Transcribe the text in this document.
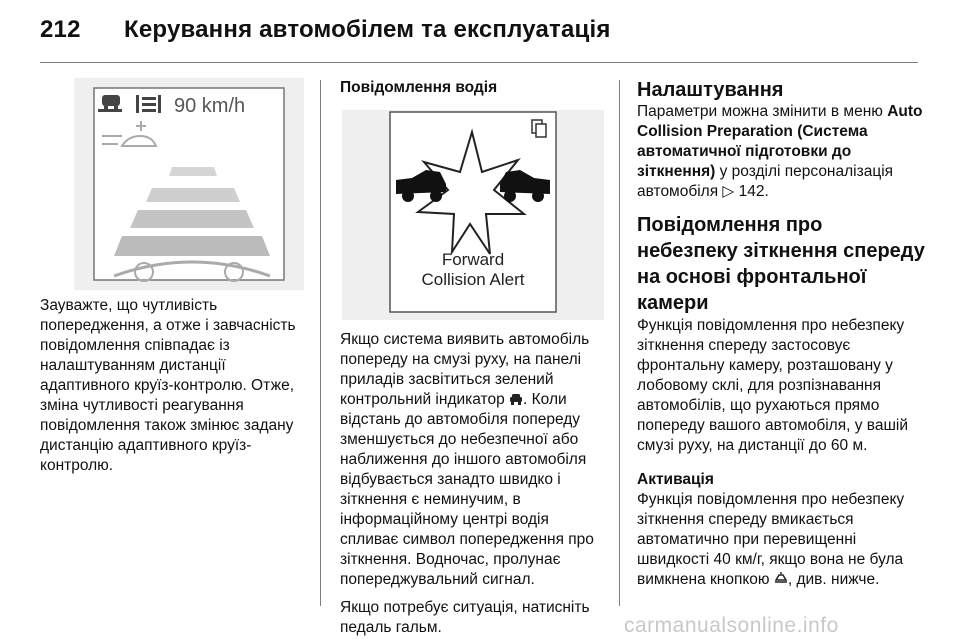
212 Керування автомобілем та експлуатація
90 km/h

Зауважте, що чутливість попередження, а отже і завчасність повідомлення співпадає із налаштуванням дистанції адаптивного круїз-контролю. Отже, зміна чутливості реагування повідомлення також змінює задану дистанцію адаптивного круїз-контролю.

Повідомлення водія

Forward
Collision Alert

Якщо система виявить автомобіль попереду на смузі руху, на панелі приладів засвітиться зелений контрольний індикатор . Коли відстань до автомобіля попереду зменшується до небезпечної або наближення до іншого автомобіля відбувається занадто швидко і зіткнення є неминучим, в інформаційному центрі водія спливає символ попередження про зіткнення. Водночас, пролунає попереджувальний сигнал.

Якщо потребує ситуація, натисніть педаль гальм.

Налаштування

Параметри можна змінити в меню Auto Collision Preparation (Система автоматичної підготовки до зіткнення) у розділі персоналізація автомобіля ▷ 142.

Повідомлення про небезпеку зіткнення спереду на основі фронтальної камери

Функція повідомлення про небезпеку зіткнення спереду застосовує фронтальну камеру, розташовану у лобовому склі, для розпізнавання автомобілів, що рухаються прямо попереду вашого автомобіля, у вашій смузі руху, на дистанції до 60 м.

Активація

Функція повідомлення про небезпеку зіткнення спереду вмикається автоматично при перевищенні швидкості 40 км/г, якщо вона не була вимкнена кнопкою , див. нижче.

carmanualsonline.info
